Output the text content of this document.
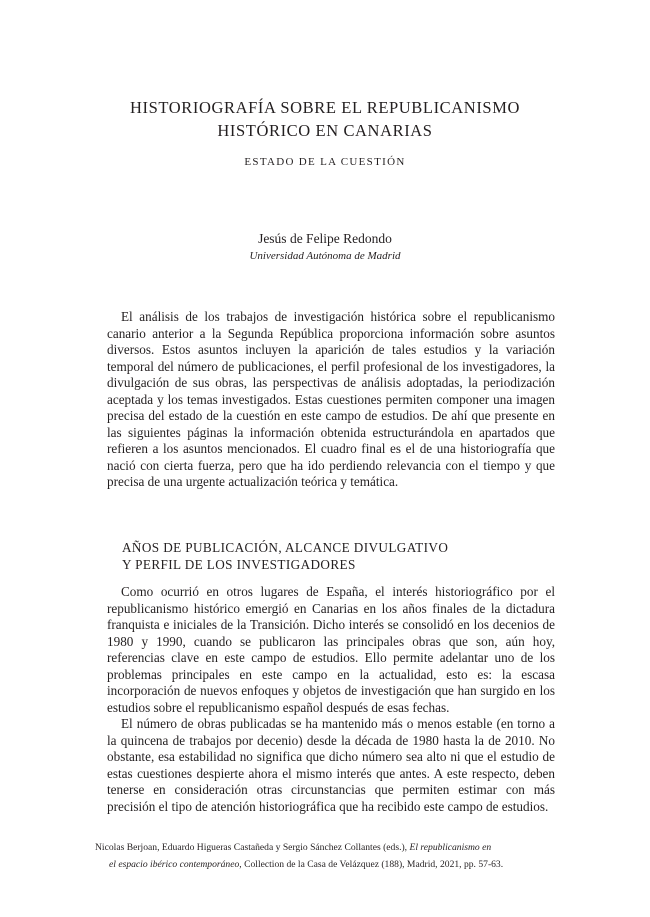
HISTORIOGRAFÍA SOBRE EL REPUBLICANISMO
HISTÓRICO EN CANARIAS
ESTADO DE LA CUESTIÓN
Jesús de Felipe Redondo
Universidad Autónoma de Madrid

El análisis de los trabajos de investigación histórica sobre el republicanismo canario anterior a la Segunda República proporciona información sobre asuntos diversos. Estos asuntos incluyen la aparición de tales estudios y la variación temporal del número de publicaciones, el perfil profesional de los investigadores, la divulgación de sus obras, las perspectivas de análisis adoptadas, la periodización aceptada y los temas investigados. Estas cuestiones permiten componer una imagen precisa del estado de la cuestión en este campo de estudios. De ahí que presente en las siguientes páginas la información obtenida estructurándola en apartados que refieren a los asuntos mencionados. El cuadro final es el de una historiografía que nació con cierta fuerza, pero que ha ido perdiendo relevancia con el tiempo y que precisa de una urgente actualización teórica y temática.

AÑOS DE PUBLICACIÓN, ALCANCE DIVULGATIVO
Y PERFIL DE LOS INVESTIGADORES

Como ocurrió en otros lugares de España, el interés historiográfico por el republicanismo histórico emergió en Canarias en los años finales de la dictadura franquista e iniciales de la Transición. Dicho interés se consolidó en los decenios de 1980 y 1990, cuando se publicaron las principales obras que son, aún hoy, referencias clave en este campo de estudios. Ello permite adelantar uno de los problemas principales en este campo en la actualidad, esto es: la escasa incorporación de nuevos enfoques y objetos de investigación que han surgido en los estudios sobre el republicanismo español después de esas fechas.

El número de obras publicadas se ha mantenido más o menos estable (en torno a la quincena de trabajos por decenio) desde la década de 1980 hasta la de 2010. No obstante, esa estabilidad no significa que dicho número sea alto ni que el estudio de estas cuestiones despierte ahora el mismo interés que antes. A este respecto, deben tenerse en consideración otras circunstancias que permiten estimar con más precisión el tipo de atención historiográfica que ha recibido este campo de estudios.

Nicolas Berjoan, Eduardo Higueras Castañeda y Sergio Sánchez Collantes (eds.), El republicanismo en
el espacio ibérico contemporáneo, Collection de la Casa de Velázquez (188), Madrid, 2021, pp. 57-63.
